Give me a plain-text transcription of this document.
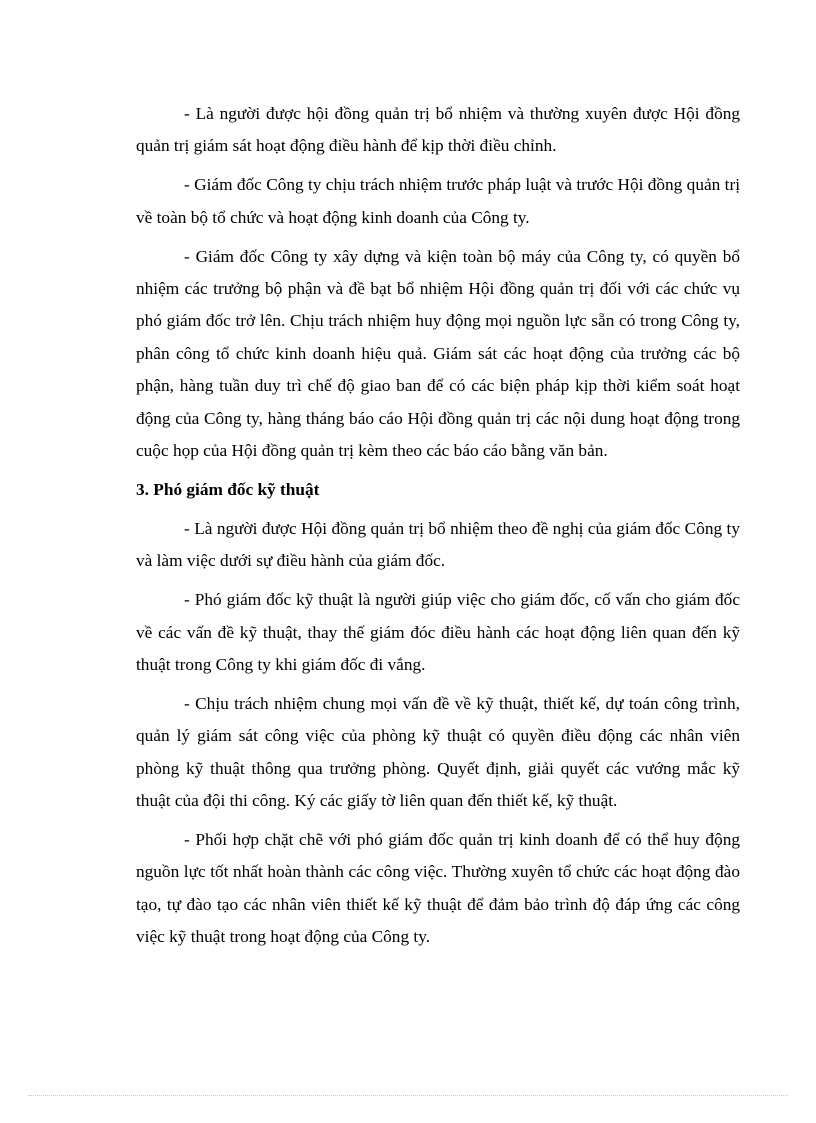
- Là người được hội đồng quản trị bổ nhiệm và thường xuyên được Hội đồng quản trị giám sát hoạt động điều hành để kịp thời điều chỉnh.

- Giám đốc Công ty chịu trách nhiệm trước pháp luật và trước Hội đồng quản trị về toàn bộ tổ chức và hoạt động kinh doanh của Công ty.

- Giám đốc Công ty xây dựng và kiện toàn bộ máy của Công ty, có quyền bổ nhiệm các trưởng bộ phận và đề bạt bổ nhiệm Hội đồng quản trị đối với các chức vụ phó giám đốc trở lên. Chịu trách nhiệm huy động mọi nguồn lực sẵn có trong Công ty, phân công tổ chức kinh doanh hiệu quả. Giám sát các hoạt động của trưởng các bộ phận, hàng tuần duy trì chế độ giao ban để có các biện pháp kịp thời kiểm soát hoạt động của Công ty, hàng tháng báo cáo Hội đồng quản trị các nội dung hoạt động trong cuộc họp của Hội đồng quản trị kèm theo các báo cáo bằng văn bản.

3. Phó giám đốc kỹ thuật

- Là người được Hội đồng quản trị bổ nhiệm theo đề nghị của giám đốc Công ty và làm việc dưới sự điều hành của giám đốc.

- Phó giám đốc kỹ thuật là người giúp việc cho giám đốc, cố vấn cho giám đốc về các vấn đề kỹ thuật, thay thế giám đóc điều hành các hoạt động liên quan đến kỹ thuật trong Công ty khi giám đốc đi vắng.

- Chịu trách nhiệm chung mọi vấn đề về kỹ thuật, thiết kế, dự toán công trình, quản lý giám sát công việc của phòng kỹ thuật có quyền điều động các nhân viên phòng kỹ thuật thông qua trưởng phòng. Quyết định, giải quyết các vướng mắc kỹ thuật của đội thi công. Ký các giấy tờ liên quan đến thiết kế, kỹ thuật.

- Phối hợp chặt chẽ với phó giám đốc quản trị kinh doanh để có thể huy động nguồn lực tốt nhất hoàn thành các công việc. Thường xuyên tổ chức các hoạt động đào tạo, tự đào tạo các nhân viên thiết kế kỹ thuật để đảm bảo trình độ đáp ứng các công việc kỹ thuật trong hoạt động của Công ty.
